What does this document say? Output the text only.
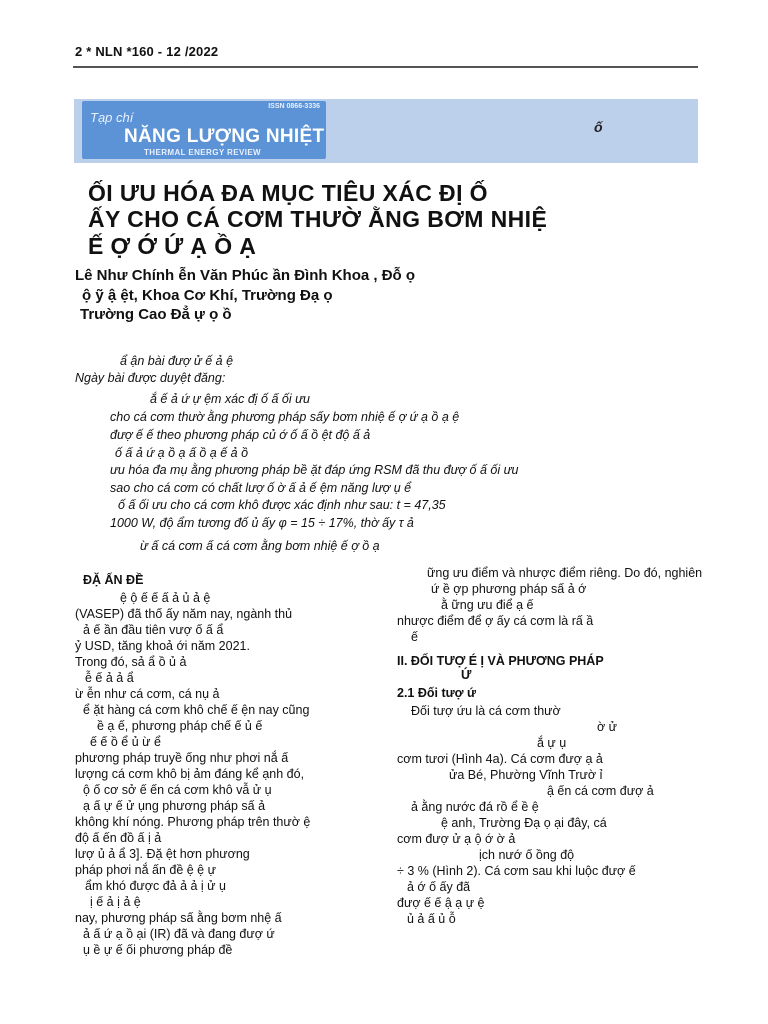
2 * NLN *160 - 12 /2022
Tạp chí
ISSN 0866-3336
NĂNG LƯỢNG NHIỆT
THERMAL ENERGY REVIEW
ố
ỐI ƯU HÓA ĐA MỤC TIÊU XÁC ĐỊ Ố
ẤY CHO CÁ CƠM THƯỜ ẰNG BƠM NHIỆ
Ế Ợ Ớ Ứ Ạ Ồ Ạ
Lê Như Chính ễn Văn Phúc ần Đình Khoa , Đỗ ọ
ộ ỹ ậ ệt, Khoa Cơ Khí, Trường Đạ ọ
Trường Cao Đẳ ự ọ ồ
ẩ ận bài đượ ử ế ả ệ
Ngày bài được duyệt đăng:
ắ ế ả ứ ự ệm xác đị ố ấ ối ưu
cho cá cơm thườ ằng phương pháp sấy bơm nhiệ ế ợ ứ ạ ồ ạ ệ
đượ ế ế theo phương pháp củ ớ ố ấ ồ ệt độ ấ ả
ố ấ ả ứ ạ ồ ạ ấ ồ ạ ế ả ồ
ưu hóa đa mụ ằng phương pháp bề ặt đáp ứng RSM đã thu đượ ố ấ ối ưu
sao cho cá cơm có chất lượ ố ờ ấ ả ế ệm năng lượ ụ ể
ố ấ ối ưu cho cá cơm khô được xác định như sau: t = 47,35
1000 W, độ ẩm tương đố ủ ấy φ = 15 ÷ 17%, thờ ấy τ ả
ừ ấ cá cơm ấ cá cơm ằng bơm nhiệ ế ợ ồ ạ
ĐẶ ẤN ĐỀ
ệ ộ ế ế ấ ả ủ ả ệ
(VASEP) đã thố ấy năm nay, ngành thủ
ả ế ần đầu tiên vượ ố ấ ẩ
ỷ USD, tăng khoả ới năm 2021.
Trong đó, sả ẩ ồ ủ ả
ễ ế ả ả ẩ
ừ ễn như cá cơm, cá nụ ả
ể ặt hàng cá cơm khô chế ế ện nay cũng
ề ạ ế, phương pháp chế ế ủ ế
ế ế ồ ể ủ ừ ể
phương pháp truyề ống như phơi nắ ấ
lượng cá cơm khô bị ảm đáng kể ạnh đó,
ộ ố cơ sở ế ến cá cơm khô vẫ ử ụ
ạ ấ ự ế ử ụng phương pháp sấ ả
không khí nóng. Phương pháp trên thườ ệ
độ ấ ến đồ ấ ị ả
lượ ủ ả ẩ 3]. Đặ ệt hơn phương
pháp phơi nắ ấn đề ệ ệ ự
ẩm khó được đả ả ả ị ử ụ
ị ế ả ị ả ệ
nay, phương pháp sấ ằng bơm nhệ ấ
ả ấ ứ ạ ồ ại (IR) đã và đang đượ ứ
ụ ề ự ế ối phương pháp đề
ững ưu điểm và nhược điểm riêng. Do đó, nghiên
ứ ề ợp phương pháp sấ ả ớ
ằ ững ưu điể ạ ế
nhược điểm để ợ ấy cá cơm là rấ ầ
ế
II. ĐỐI TƯỢ É Ị VÀ PHƯƠNG PHÁP
Ứ
2.1 Đối tượ ứ
Đối tượ ứu là cá cơm thườ
ờ ử
ắ ự ụ
cơm tươi (Hình 4a). Cá cơm đượ ạ ả
ửa Bé, Phường Vĩnh Trườ ỉ
ậ ến cá cơm đượ ả
ả ằng nước đá rồ ể ề ệ
ệ anh, Trường Đạ ọ ại đây, cá
cơm đượ ử ạ ộ ớ ờ ả
ịch nướ ố ồng độ
÷ 3 % (Hình 2). Cá cơm sau khi luộc đượ ế
ả ớ ố ấy đã
đượ ế ế ậ ạ ự ệ
ủ ả ấ ủ ỗ
